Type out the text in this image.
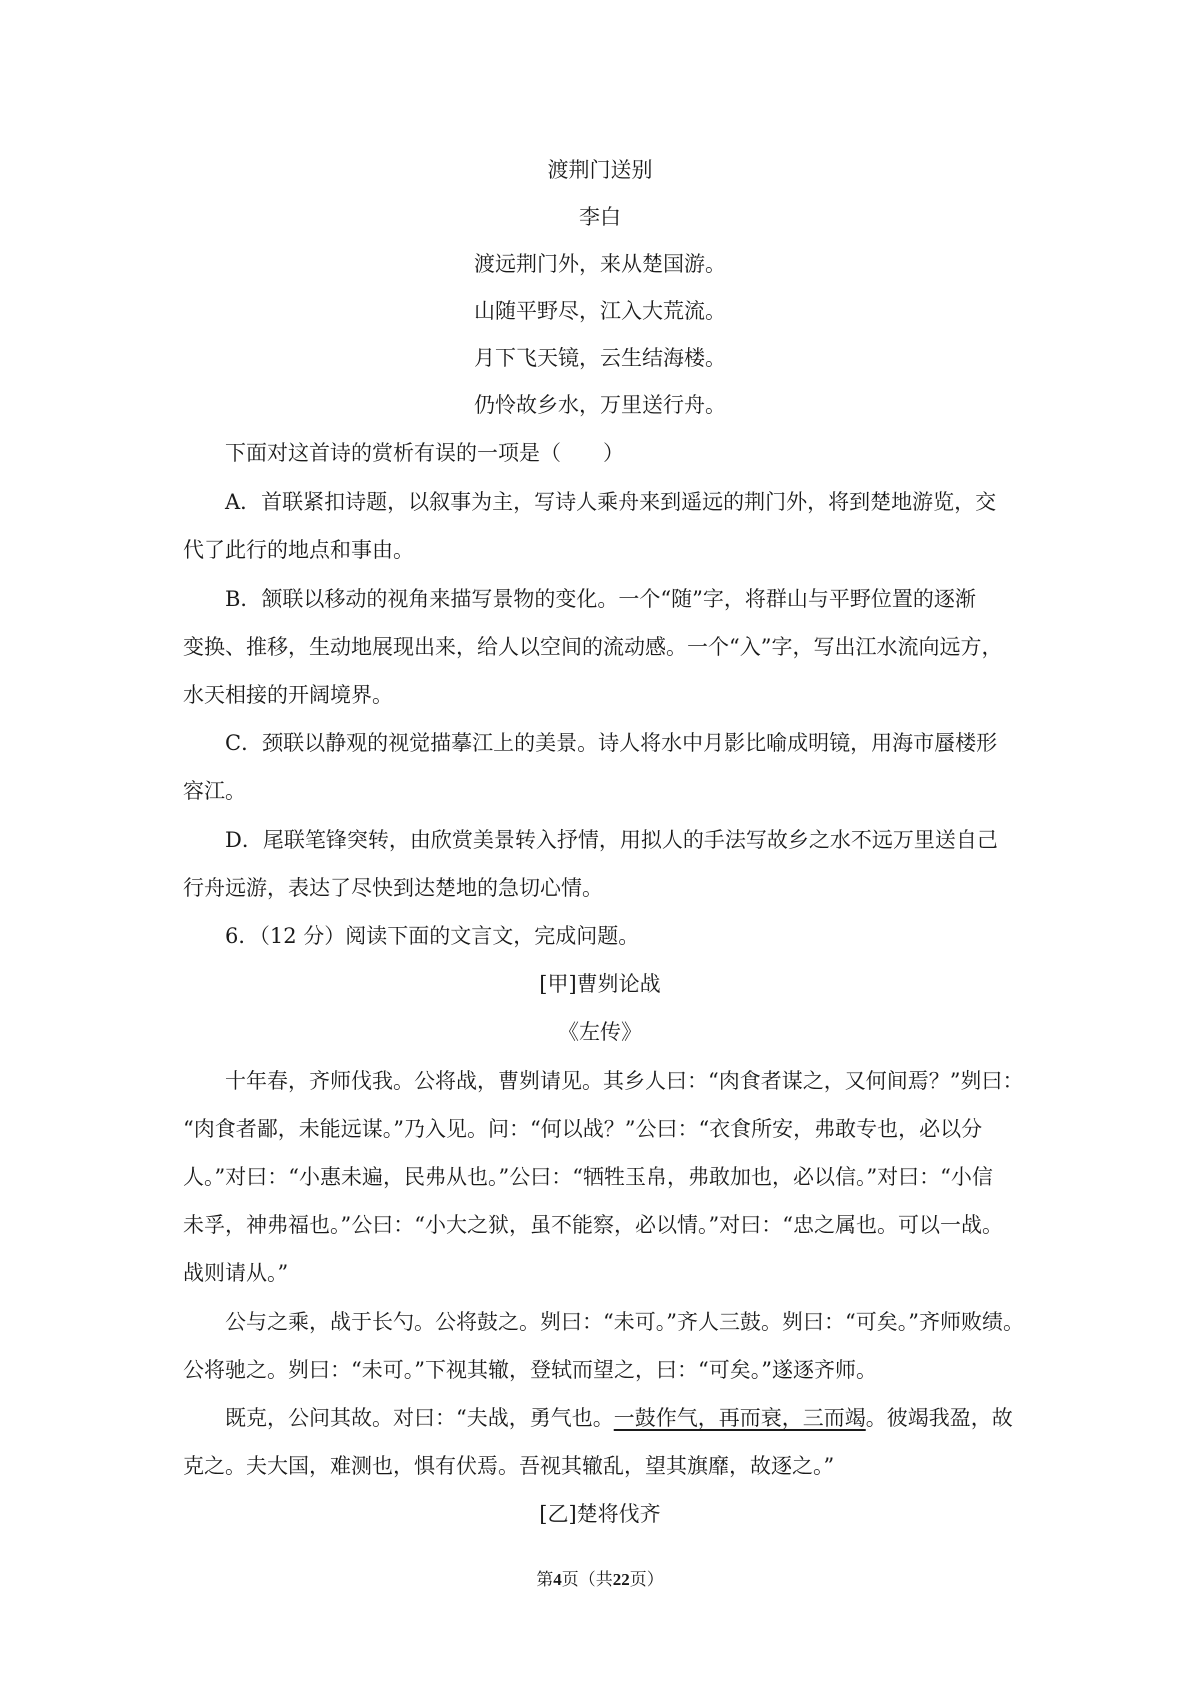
渡荆门送别
李白
渡远荆门外，来从楚国游。
山随平野尽，江入大荒流。
月下飞天镜，云生结海楼。
仍怜故乡水，万里送行舟。
下面对这首诗的赏析有误的一项是（　　）
A．首联紧扣诗题，以叙事为主，写诗人乘舟来到遥远的荆门外，将到楚地游览，交
代了此行的地点和事由。
B．颔联以移动的视角来描写景物的变化。一个“随”字，将群山与平野位置的逐渐
变换、推移，生动地展现出来，给人以空间的流动感。一个“入”字，写出江水流向远方，
水天相接的开阔境界。
C．颈联以静观的视觉描摹江上的美景。诗人将水中月影比喻成明镜，用海市蜃楼形
容江。
D．尾联笔锋突转，由欣赏美景转入抒情，用拟人的手法写故乡之水不远万里送自己
行舟远游，表达了尽快到达楚地的急切心情。
6．（12 分）阅读下面的文言文，完成问题。
[甲]曹刿论战
《左传》
十年春，齐师伐我。公将战，曹刿请见。其乡人曰：“肉食者谋之，又何间焉？”刿曰：
“肉食者鄙，未能远谋。”乃入见。问：“何以战？”公曰：“衣食所安，弗敢专也，必以分
人。”对曰：“小惠未遍，民弗从也。”公曰：“牺牲玉帛，弗敢加也，必以信。”对曰：“小信
未孚，神弗福也。”公曰：“小大之狱，虽不能察，必以情。”对曰：“忠之属也。可以一战。
战则请从。”
公与之乘，战于长勺。公将鼓之。刿曰：“未可。”齐人三鼓。刿曰：“可矣。”齐师败绩。
公将驰之。刿曰：“未可。”下视其辙，登轼而望之，曰：“可矣。”遂逐齐师。
既克，公问其故。对曰：“夫战，勇气也。一鼓作气，再而衰，三而竭。彼竭我盈，故
克之。夫大国，难测也，惧有伏焉。吾视其辙乱，望其旗靡，故逐之。”
[乙]楚将伐齐
第4页（共22页）
